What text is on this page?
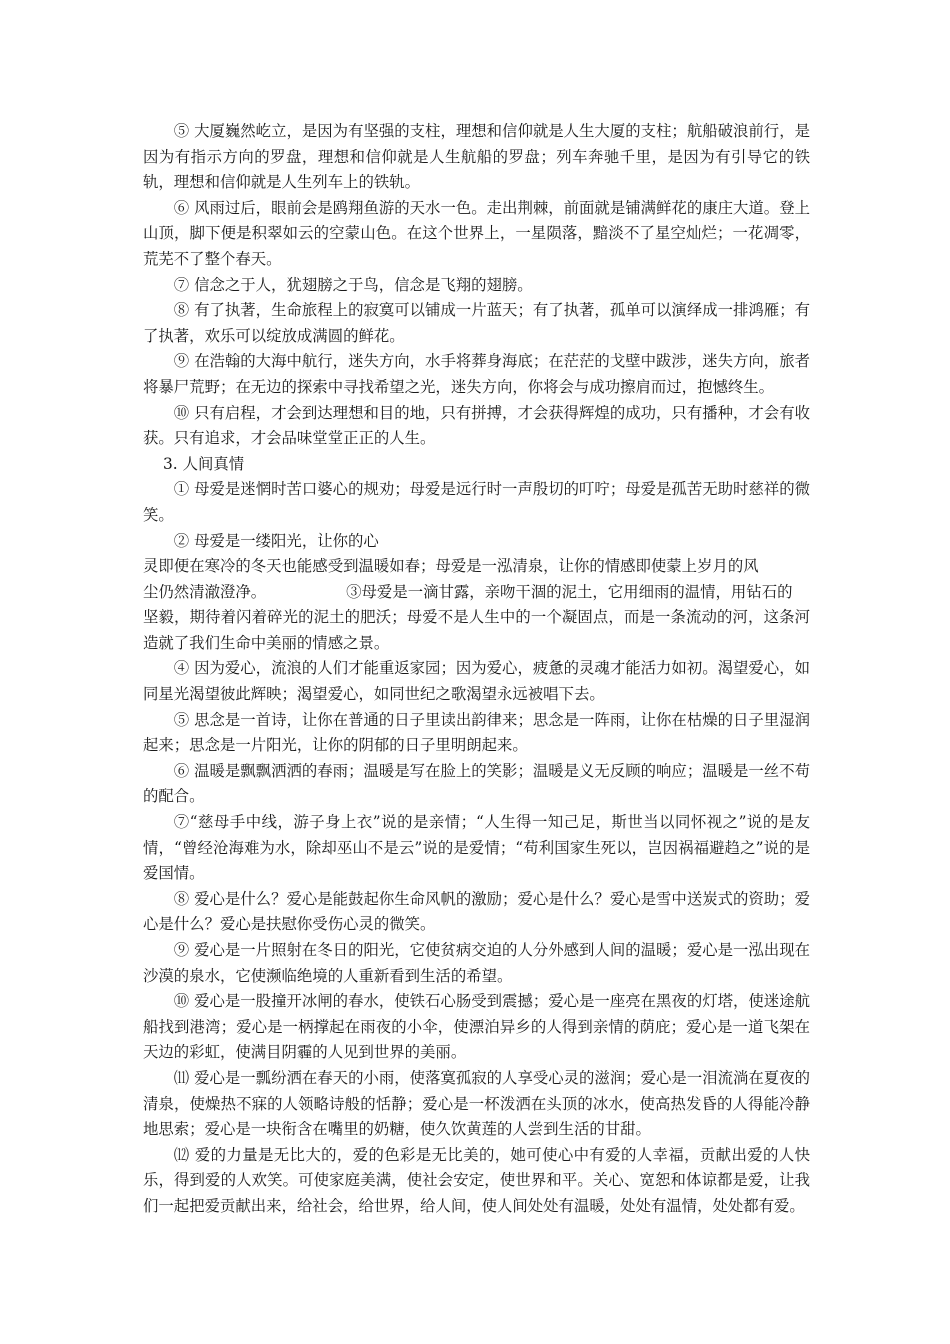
⑤ 大厦巍然屹立，是因为有坚强的支柱，理想和信仰就是人生大厦的支柱；航船破浪前行，是因为有指示方向的罗盘，理想和信仰就是人生航船的罗盘；列车奔驰千里，是因为有引导它的铁轨，理想和信仰就是人生列车上的铁轨。

⑥ 风雨过后，眼前会是鸥翔鱼游的天水一色。走出荆棘，前面就是铺满鲜花的康庄大道。登上山顶，脚下便是积翠如云的空蒙山色。在这个世界上，一星陨落，黯淡不了星空灿烂；一花凋零，荒芜不了整个春天。

⑦ 信念之于人，犹翅膀之于鸟，信念是飞翔的翅膀。

⑧ 有了执著，生命旅程上的寂寞可以铺成一片蓝天；有了执著，孤单可以演绎成一排鸿雁；有了执著，欢乐可以绽放成满圆的鲜花。

⑨ 在浩翰的大海中航行，迷失方向，水手将葬身海底；在茫茫的戈壁中跋涉，迷失方向，旅者将暴尸荒野；在无边的探索中寻找希望之光，迷失方向，你将会与成功擦肩而过，抱憾终生。

⑩ 只有启程，才会到达理想和目的地，只有拼搏，才会获得辉煌的成功，只有播种，才会有收获。只有追求，才会品味堂堂正正的人生。

3. 人间真情

① 母爱是迷惘时苦口婆心的规劝；母爱是远行时一声殷切的叮咛；母爱是孤苦无助时慈祥的微笑。

② 母爱是一缕阳光，让你的心

灵即便在寒冷的冬天也能感受到温暖如春；母爱是一泓清泉，让你的情感即使蒙上岁月的风

尘仍然清澈澄净。	③母爱是一滴甘露，亲吻干涸的泥土，它用细雨的温情，用钻石的

坚毅，期待着闪着碎光的泥土的肥沃；母爱不是人生中的一个凝固点，而是一条流动的河，这条河造就了我们生命中美丽的情感之景。

④ 因为爱心，流浪的人们才能重返家园；因为爱心，疲惫的灵魂才能活力如初。渴望爱心，如同星光渴望彼此辉映；渴望爱心，如同世纪之歌渴望永远被唱下去。

⑤ 思念是一首诗，让你在普通的日子里读出韵律来；思念是一阵雨，让你在枯燥的日子里湿润起来；思念是一片阳光，让你的阴郁的日子里明朗起来。

⑥ 温暖是飘飘洒洒的春雨；温暖是写在脸上的笑影；温暖是义无反顾的响应；温暖是一丝不苟的配合。

⑦“慈母手中线，游子身上衣”说的是亲情；“人生得一知己足，斯世当以同怀视之”说的是友情，“曾经沧海难为水，除却巫山不是云”说的是爱情；“苟利国家生死以，岂因祸福避趋之”说的是爱国情。

⑧ 爱心是什么？爱心是能鼓起你生命风帆的激励；爱心是什么？爱心是雪中送炭式的资助；爱心是什么？爱心是扶慰你受伤心灵的微笑。

⑨ 爱心是一片照射在冬日的阳光，它使贫病交迫的人分外感到人间的温暖；爱心是一泓出现在沙漠的泉水，它使濒临绝境的人重新看到生活的希望。

⑩ 爱心是一股撞开冰闸的春水，使铁石心肠受到震撼；爱心是一座亮在黑夜的灯塔，使迷途航船找到港湾；爱心是一柄撑起在雨夜的小伞，使漂泊异乡的人得到亲情的荫庇；爱心是一道飞架在天边的彩虹，使满目阴霾的人见到世界的美丽。

⑾ 爱心是一瓢纷洒在春天的小雨，使落寞孤寂的人享受心灵的滋润；爱心是一泪流淌在夏夜的清泉，使燥热不寐的人领略诗般的恬静；爱心是一杯泼洒在头顶的冰水，使高热发昏的人得能冷静地思索；爱心是一块衔含在嘴里的奶糖，使久饮黄莲的人尝到生活的甘甜。

⑿ 爱的力量是无比大的，爱的色彩是无比美的，她可使心中有爱的人幸福，贡献出爱的人快乐，得到爱的人欢笑。可使家庭美满，使社会安定，使世界和平。关心、宽恕和体谅都是爱，让我们一起把爱贡献出来，给社会，给世界，给人间，使人间处处有温暖，处处有温情，处处都有爱。
